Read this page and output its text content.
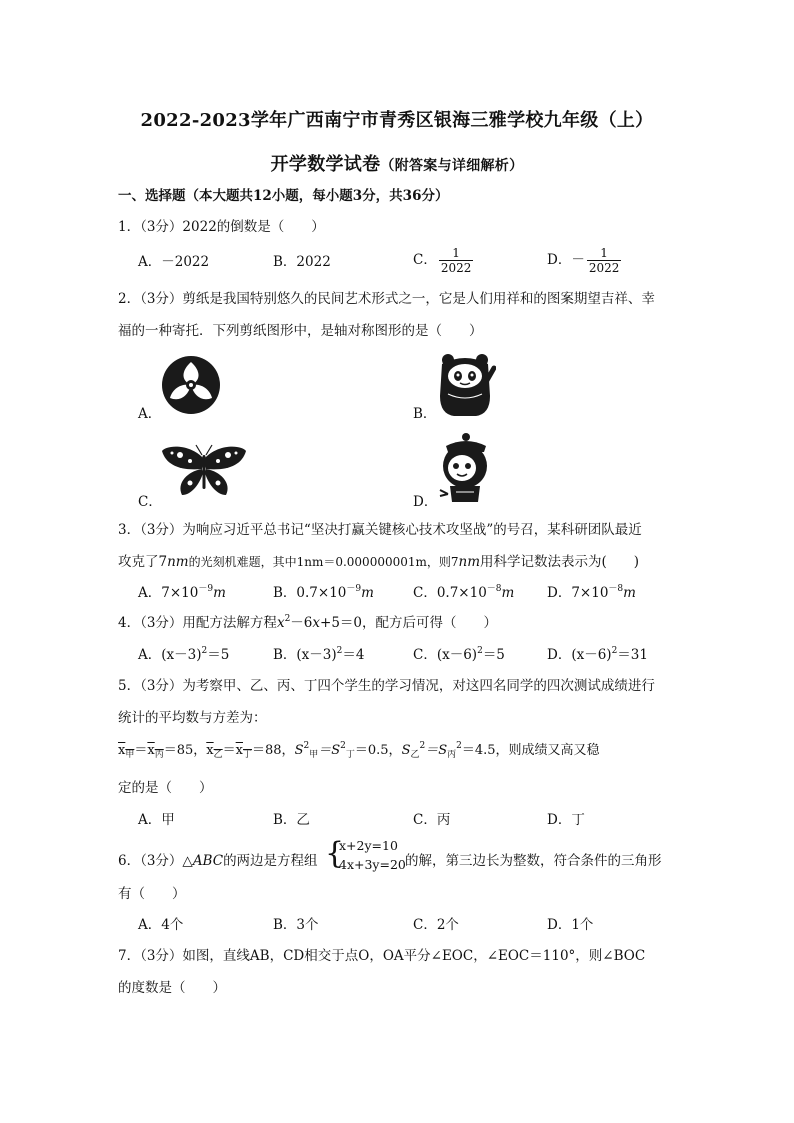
2022-2023学年广西南宁市青秀区银海三雅学校九年级（上）
开学数学试卷（附答案与详细解析）
一、选择题（本大题共12小题，每小题3分，共36分）
1．（3分）2022的倒数是（　　）
A．－2022	B．2022	C． $\frac{1}{2022}$	D．－ $\frac{1}{2022}$
2．（3分）剪纸是我国特别悠久的民间艺术形式之一，它是人们用祥和的图案期望吉祥、幸
福的一种寄托．下列剪纸图形中，是轴对称图形的是（　　）
A．	B．
C．	D．
3．（3分）为响应习近平总书记“坚决打赢关键核心技术攻坚战”的号召，某科研团队最近
攻克了7nm的光刻机难题，其中1nm＝0.000000001m，则7nm用科学记数法表示为(　　)
A．$7\times 10^{-9}m$	B．$0.7\times 10^{-9}m$	C．$0.7\times 10^{-8}m$ D．$7\times 10^{-8}m$
4．（3分）用配方法解方程$x^2-6x+5=0$，配方后可得（　　）
A．$(x-3)^2=5$	B．$(x-3)^2=4$	C．$(x-6)^2=5$	D．$(x-6)^2=31$
5．（3分）为考察甲、乙、丙、丁四个学生的学习情况，对这四名同学的四次测试成绩进行
统计的平均数与方差为：
$x_甲=x_丙=85$，$x_乙=x_丁=88$，$S^2_甲=S^2_丁=0.5$，$S_乙^2=S_丙^2=4.5$，则成绩又高又稳
定的是（　　）
A．甲	B．乙	C．丙	D．丁
6．（3分）△ABC的两边是方程组 {
x+2y=10
4x+3y=20 的解，第三边长为整数，符合条件的三角形
有（　　）
A．4个	B．3个	C．2个	D．1个
7．（3分）如图，直线AB，CD相交于点O，OA平分∠EOC，∠EOC＝110°，则∠BOC
的度数是（　　）
